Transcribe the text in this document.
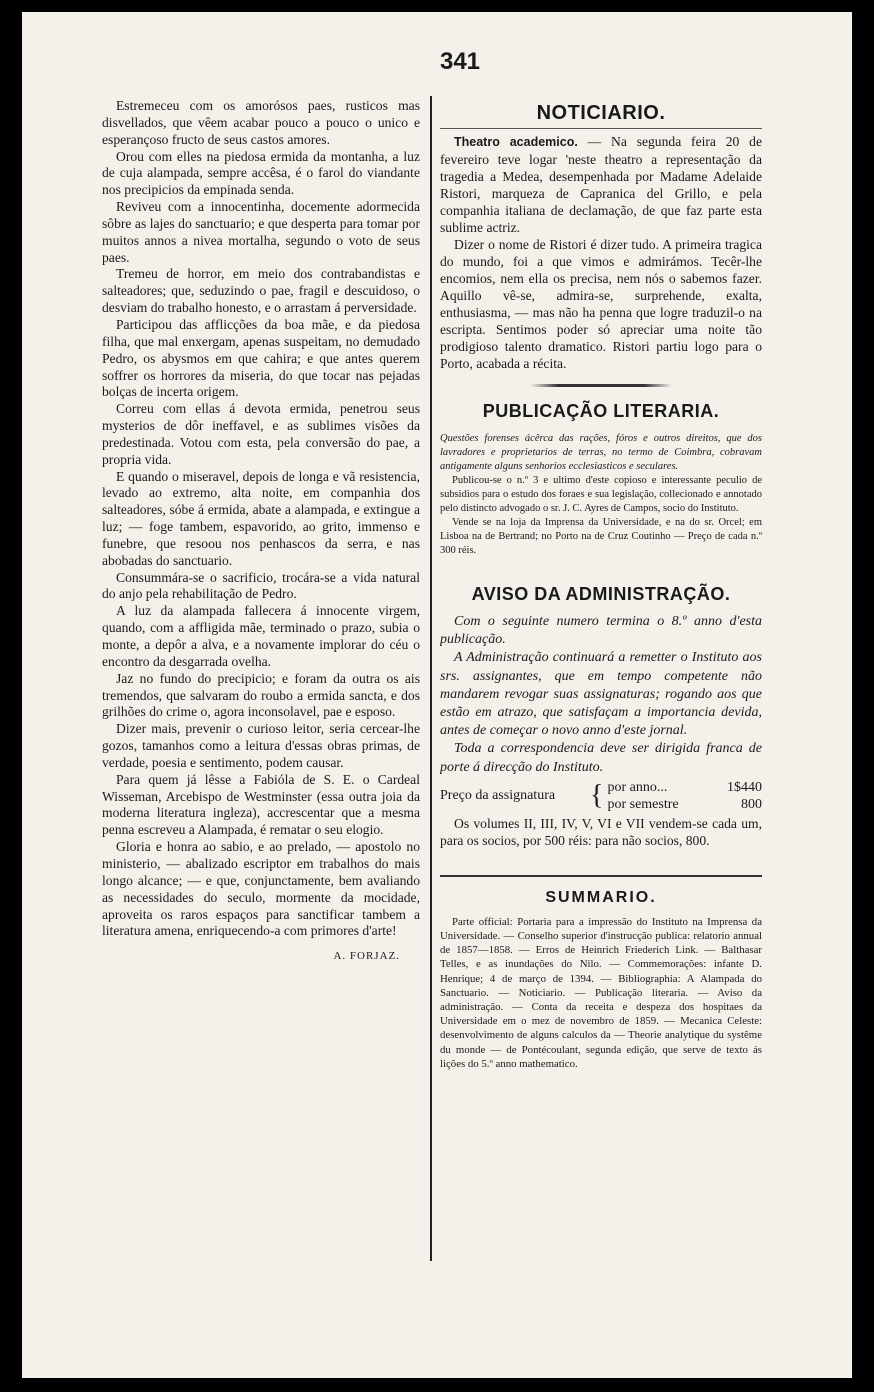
341

Estremeceu com os amorósos paes, rusticos mas disvellados, que vêem acabar pouco a pouco o unico e esperançoso fructo de seus castos amores.

Orou com elles na piedosa ermida da montanha, a luz de cuja alampada, sempre accêsa, é o farol do viandante nos precipicios da empinada senda.

Reviveu com a innocentinha, docemente adormecida sôbre as lajes do sanctuario; e que desperta para tomar por muitos annos a nivea mortalha, segundo o voto de seus paes.

Tremeu de horror, em meio dos contrabandistas e salteadores; que, seduzindo o pae, fragil e descuidoso, o desviam do trabalho honesto, e o arrastam á perversidade.

Participou das afflicções da boa mãe, e da piedosa filha, que mal enxergam, apenas suspeitam, no demudado Pedro, os abysmos em que cahira; e que antes querem soffrer os horrores da miseria, do que tocar nas pejadas bolças de incerta origem.

Correu com ellas á devota ermida, penetrou seus mysterios de dôr ineffavel, e as sublimes visões da predestinada. Votou com esta, pela conversão do pae, a propria vida.

E quando o miseravel, depois de longa e vã resistencia, levado ao extremo, alta noite, em companhia dos salteadores, sóbe á ermida, abate a alampada, e extingue a luz; — foge tambem, espavorido, ao grito, immenso e funebre, que resoou nos penhascos da serra, e nas abobadas do sanctuario.

Consummára-se o sacrificio, trocára-se a vida natural do anjo pela rehabilitação de Pedro.

A luz da alampada fallecera á innocente virgem, quando, com a affligida mãe, terminado o prazo, subia o monte, a depôr a alva, e a novamente implorar do céu o encontro da desgarrada ovelha.

Jaz no fundo do precipicio; e foram da outra os ais tremendos, que salvaram do roubo a ermida sancta, e dos grilhões do crime o, agora inconsolavel, pae e esposo.

Dizer mais, prevenir o curioso leitor, seria cercear-lhe gozos, tamanhos como a leitura d'essas obras primas, de verdade, poesia e sentimento, podem causar.

Para quem já lêsse a Fabióla de S. E. o Cardeal Wisseman, Arcebispo de Westminster (essa outra joia da moderna literatura ingleza), accrescentar que a mesma penna escreveu a Alampada, é rematar o seu elogio.

Gloria e honra ao sabio, e ao prelado, — apostolo no ministerio, — abalizado escriptor em trabalhos do mais longo alcance; — e que, conjunctamente, bem avaliando as necessidades do seculo, mormente da mocidade, aproveita os raros espaços para sanctificar tambem a literatura amena, enriquecendo-a com primores d'arte!

A. FORJAZ.

NOTICIARIO.

Theatro academico. — Na segunda feira 20 de fevereiro teve logar 'neste theatro a representação da tragedia a Medea, desempenhada por Madame Adelaide Ristori, marqueza de Capranica del Grillo, e pela companhia italiana de declamação, de que faz parte esta sublime actriz.

Dizer o nome de Ristori é dizer tudo. A primeira tragica do mundo, foi a que vimos e admirámos. Tecêr-lhe encomios, nem ella os precisa, nem nós o sabemos fazer. Aquillo vê-se, admira-se, surprehende, exalta, enthusiasma, — mas não ha penna que logre traduzil-o na escripta. Sentimos poder só apreciar uma noite tão prodigioso talento dramatico. Ristori partiu logo para o Porto, acabada a récita.

PUBLICAÇÃO LITERARIA.

Questões forenses ácêrca das rações, fóros e outros direitos, que dos lavradores e proprietarios de terras, no termo de Coimbra, cobravam antigamente alguns senhorios ecclesiasticos e seculares.

Publicou-se o n.º 3 e ultimo d'este copioso e interessante peculio de subsidios para o estudo dos foraes e sua legislação, collecionado e annotado pelo distincto advogado o sr. J. C. Ayres de Campos, socio do Instituto.

Vende se na loja da Imprensa da Universidade, e na do sr. Orcel; em Lisboa na de Bertrand; no Porto na de Cruz Coutinho — Preço de cada n.º 300 réis.

AVISO DA ADMINISTRAÇÃO.

Com o seguinte numero termina o 8.º anno d'esta publicação.

A Administração continuará a remetter o Instituto aos srs. assignantes, que em tempo competente não mandarem revogar suas assignaturas; rogando aos que estão em atrazo, que satisfaçam a importancia devida, antes de começar o novo anno d'este jornal.

Toda a correspondencia deve ser dirigida franca de porte á direcção do Instituto.

Preço da assignatura	{ por anno...	1$440
por semestre	800

Os volumes II, III, IV, V, VI e VII vendem-se cada um, para os socios, por 500 réis: para não socios, 800.

SUMMARIO.

Parte official: Portaria para a impressão do Instituto na Imprensa da Universidade. — Conselho superior d'instrucção publica: relatorio annual de 1857—1858. — Erros de Heinrich Friederich Link. — Balthasar Telles, e as inundações do Nilo. — Commemorações: infante D. Henrique; 4 de março de 1394. — Bibliographia: A Alampada do Sanctuario. — Noticiario. — Publicação literaria. — Aviso da administração. — Conta da receita e despeza dos hospitaes da Universidade em o mez de novembro de 1859. — Mecanica Celeste: desenvolvimento de alguns calculos da — Theorie analytique du systême du monde — de Pontécoulant, segunda edição, que serve de texto ás lições do 5.º anno mathematico.
